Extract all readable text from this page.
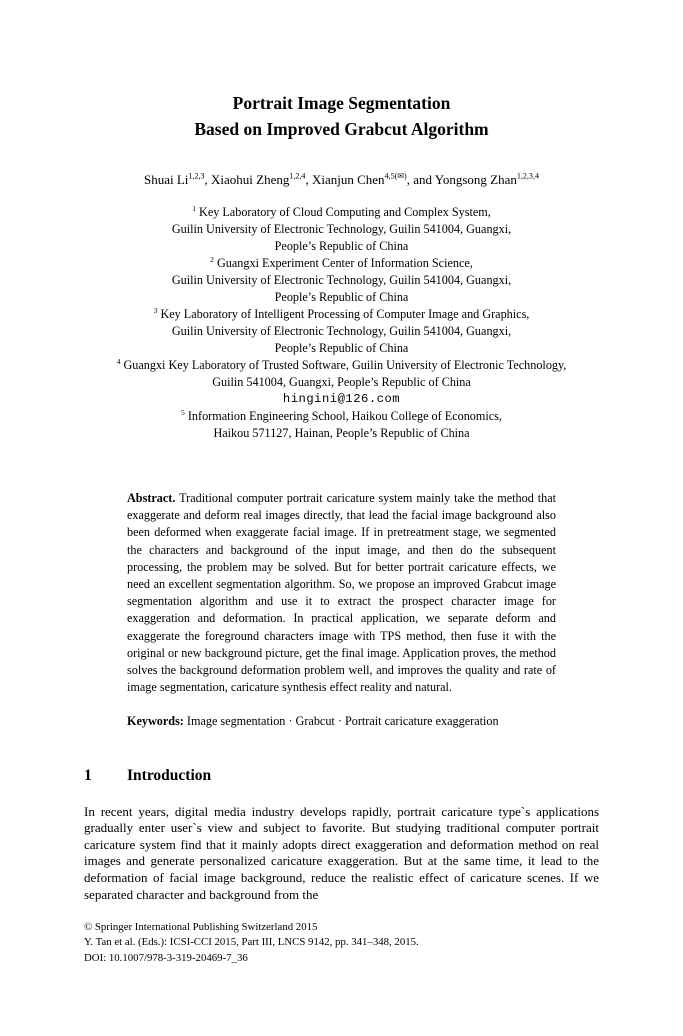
Portrait Image Segmentation
Based on Improved Grabcut Algorithm

Shuai Li$^{1,2,3}$, Xiaohui Zheng$^{1,2,4}$, Xianjun Chen$^{4,5(✉)}$, and Yongsong Zhan$^{1,2,3,4}$

$^1$ Key Laboratory of Cloud Computing and Complex System,
Guilin University of Electronic Technology, Guilin 541004, Guangxi,
People’s Republic of China
$^2$ Guangxi Experiment Center of Information Science,
Guilin University of Electronic Technology, Guilin 541004, Guangxi,
People’s Republic of China
$^3$ Key Laboratory of Intelligent Processing of Computer Image and Graphics,
Guilin University of Electronic Technology, Guilin 541004, Guangxi,
People’s Republic of China
$^4$ Guangxi Key Laboratory of Trusted Software, Guilin University of Electronic Technology,
Guilin 541004, Guangxi, People’s Republic of China
hingini@126.com
$^5$ Information Engineering School, Haikou College of Economics,
Haikou 571127, Hainan, People’s Republic of China

Abstract. Traditional computer portrait caricature system mainly take the method that exaggerate and deform real images directly, that lead the facial image background also been deformed when exaggerate facial image. If in pretreatment stage, we segmented the characters and background of the input image, and then do the subsequent processing, the problem may be solved. But for better portrait caricature effects, we need an excellent segmentation algorithm. So, we propose an improved Grabcut image segmentation algorithm and use it to extract the prospect character image for exaggeration and deformation. In practical application, we separate deform and exaggerate the foreground characters image with TPS method, then fuse it with the original or new background picture, get the final image. Application proves, the method solves the background deformation problem well, and improves the quality and rate of image segmentation, caricature synthesis effect reality and natural.

Keywords: Image segmentation · Grabcut · Portrait caricature exaggeration

1 Introduction

In recent years, digital media industry develops rapidly, portrait caricature type`s applications gradually enter user`s view and subject to favorite. But studying traditional computer portrait caricature system find that it mainly adopts direct exaggeration and deformation method on real images and generate personalized caricature exaggeration. But at the same time, it lead to the deformation of facial image background, reduce the realistic effect of caricature scenes. If we separated character and background from the

© Springer International Publishing Switzerland 2015
Y. Tan et al. (Eds.): ICSI-CCI 2015, Part III, LNCS 9142, pp. 341–348, 2015.
DOI: 10.1007/978-3-319-20469-7_36
